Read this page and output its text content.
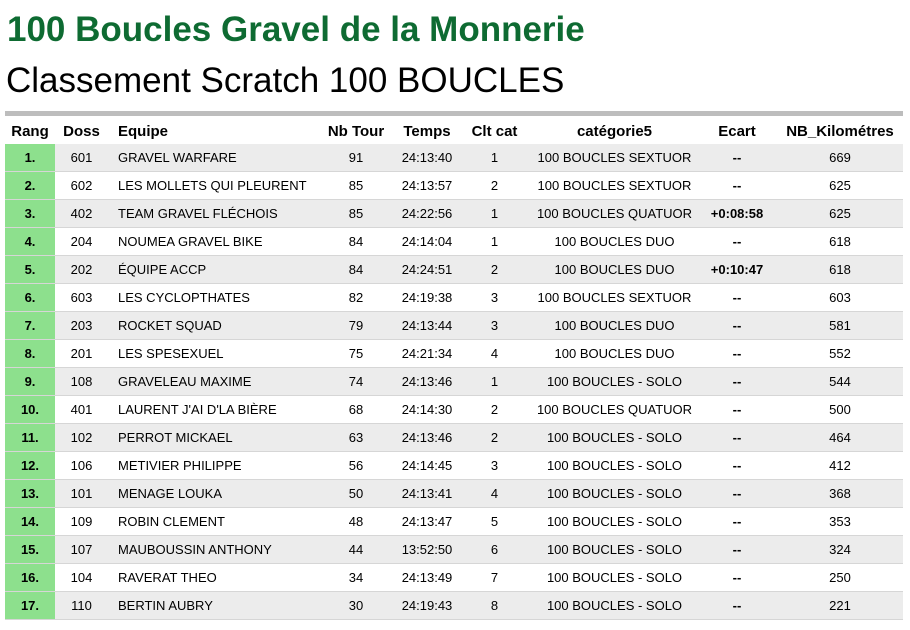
100 Boucles Gravel de la Monnerie
Classement Scratch 100 BOUCLES
Rang	Doss	Equipe	Nb Tour	Temps	Clt cat	catégorie5	Ecart	NB_Kilométres
1.	601	GRAVEL WARFARE	91	24:13:40	1	100 BOUCLES SEXTUOR	--	669
2.	602	LES MOLLETS QUI PLEURENT	85	24:13:57	2	100 BOUCLES SEXTUOR	--	625
3.	402	TEAM GRAVEL FLÉCHOIS	85	24:22:56	1	100 BOUCLES QUATUOR	+0:08:58	625
4.	204	NOUMEA GRAVEL BIKE	84	24:14:04	1	100 BOUCLES DUO	--	618
5.	202	ÉQUIPE ACCP	84	24:24:51	2	100 BOUCLES DUO	+0:10:47	618
6.	603	LES CYCLOPTHATES	82	24:19:38	3	100 BOUCLES SEXTUOR	--	603
7.	203	ROCKET SQUAD	79	24:13:44	3	100 BOUCLES DUO	--	581
8.	201	LES SPESEXUEL	75	24:21:34	4	100 BOUCLES DUO	--	552
9.	108	GRAVELEAU MAXIME	74	24:13:46	1	100 BOUCLES - SOLO	--	544
10.	401	LAURENT J'AI D'LA BIÈRE	68	24:14:30	2	100 BOUCLES QUATUOR	--	500
11.	102	PERROT MICKAEL	63	24:13:46	2	100 BOUCLES - SOLO	--	464
12.	106	METIVIER PHILIPPE	56	24:14:45	3	100 BOUCLES - SOLO	--	412
13.	101	MENAGE LOUKA	50	24:13:41	4	100 BOUCLES - SOLO	--	368
14.	109	ROBIN CLEMENT	48	24:13:47	5	100 BOUCLES - SOLO	--	353
15.	107	MAUBOUSSIN ANTHONY	44	13:52:50	6	100 BOUCLES - SOLO	--	324
16.	104	RAVERAT THEO	34	24:13:49	7	100 BOUCLES - SOLO	--	250
17.	110	BERTIN AUBRY	30	24:19:43	8	100 BOUCLES - SOLO	--	221
